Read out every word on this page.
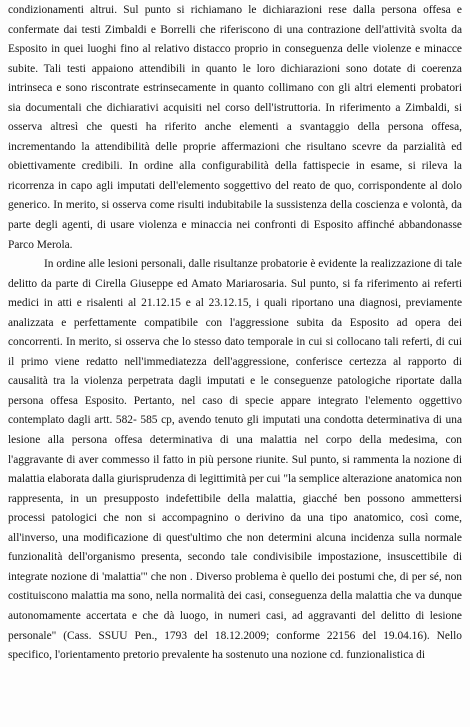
condizionamenti altrui. Sul punto si richiamano le dichiarazioni rese dalla persona offesa e confermate dai testi Zimbaldi e Borrelli che riferiscono di una contrazione dell'attività svolta da Esposito in quei luoghi fino al relativo distacco proprio in conseguenza delle violenze e minacce subite. Tali testi appaiono attendibili in quanto le loro dichiarazioni sono dotate di coerenza intrinseca e sono riscontrate estrinsecamente in quanto collimano con gli altri elementi probatori sia documentali che dichiarativi acquisiti nel corso dell'istruttoria. In riferimento a Zimbaldi, si osserva altresì che questi ha riferito anche elementi a svantaggio della persona offesa, incrementando la attendibilità delle proprie affermazioni che risultano scevre da parzialità ed obiettivamente credibili. In ordine alla configurabilità della fattispecie in esame, si rileva la ricorrenza in capo agli imputati dell'elemento soggettivo del reato de quo, corrispondente al dolo generico. In merito, si osserva come risulti indubitabile la sussistenza della coscienza e volontà, da parte degli agenti, di usare violenza e minaccia nei confronti di Esposito affinché abbandonasse Parco Merola.

In ordine alle lesioni personali, dalle risultanze probatorie è evidente la realizzazione di tale delitto da parte di Cirella Giuseppe ed Amato Mariarosaria. Sul punto, si fa riferimento ai referti medici in atti e risalenti al 21.12.15 e al 23.12.15, i quali riportano una diagnosi, previamente analizzata e perfettamente compatibile con l'aggressione subita da Esposito ad opera dei concorrenti. In merito, si osserva che lo stesso dato temporale in cui si collocano tali referti, di cui il primo viene redatto nell'immediatezza dell'aggressione, conferisce certezza al rapporto di causalità tra la violenza perpetrata dagli imputati e le conseguenze patologiche riportate dalla persona offesa Esposito. Pertanto, nel caso di specie appare integrato l'elemento oggettivo contemplato dagli artt. 582- 585 cp, avendo tenuto gli imputati una condotta determinativa di una lesione alla persona offesa determinativa di una malattia nel corpo della medesima, con l'aggravante di aver commesso il fatto in più persone riunite. Sul punto, si rammenta la nozione di malattia elaborata dalla giurisprudenza di legittimità per cui "la semplice alterazione anatomica non rappresenta, in un presupposto indefettibile della malattia, giacché ben possono ammettersi processi patologici che non si accompagnino o derivino da una tipo anatomico, così come, all'inverso, una modificazione di quest'ultimo che non determini alcuna incidenza sulla normale funzionalità dell'organismo presenta, secondo tale condivisibile impostazione, insuscettibile di integrate nozione di 'malattia'" che non . Diverso problema è quello dei postumi che, di per sé, non costituiscono malattia ma sono, nella normalità dei casi, conseguenza della malattia che va dunque autonomamente accertata e che dà luogo, in numeri casi, ad aggravanti del delitto di lesione personale" (Cass. SSUU Pen., 1793 del 18.12.2009; conforme 22156 del 19.04.16). Nello specifico, l'orientamento pretorio prevalente ha sostenuto una nozione cd. funzionalistica di
